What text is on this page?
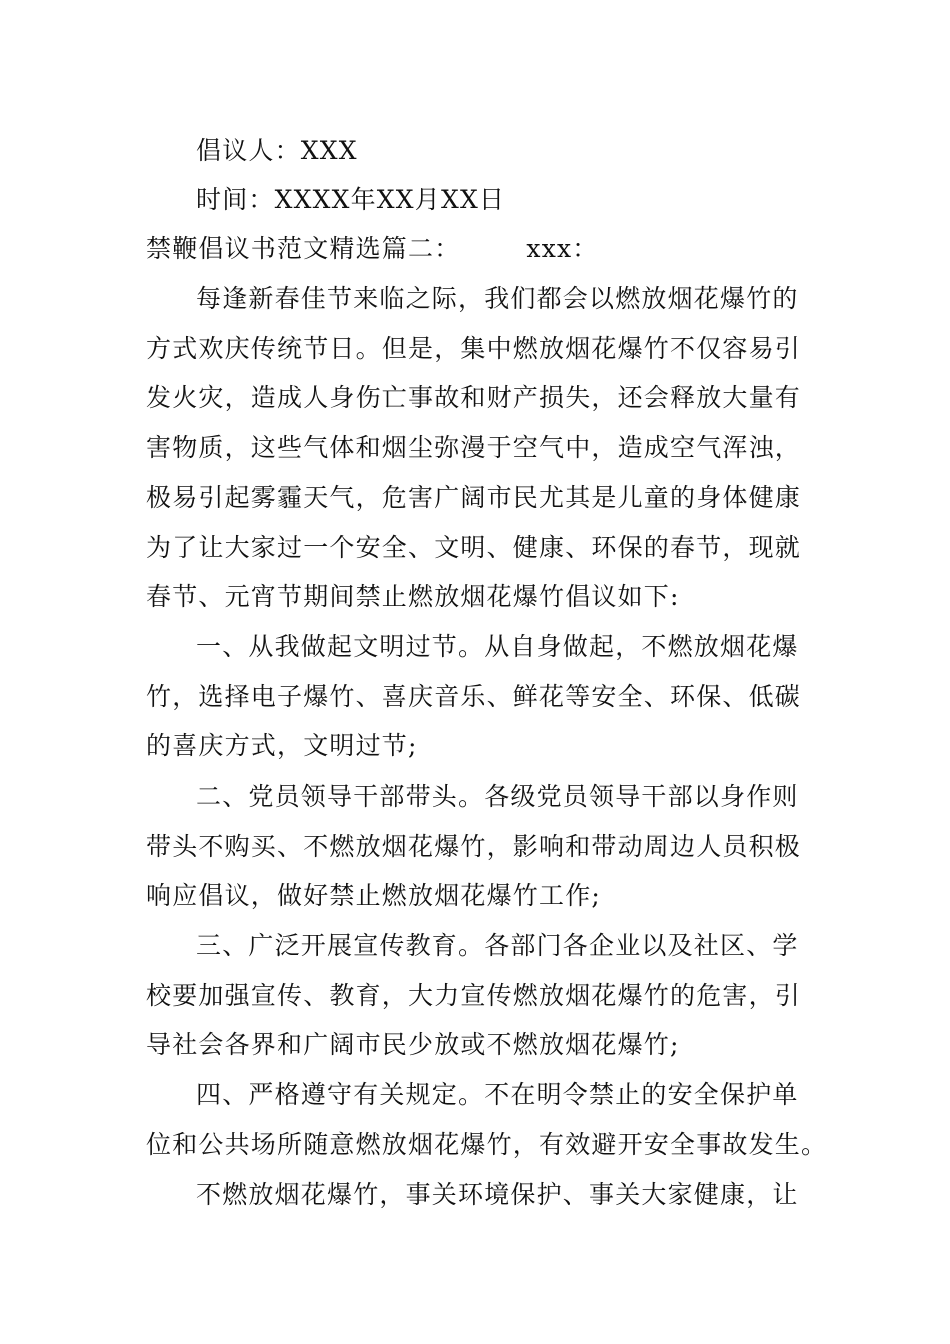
倡议人：XXX
时间：XXXX年XX月XX日
禁鞭倡议书范文精选篇二：	xxx：
每逢新春佳节来临之际，我们都会以燃放烟花爆竹的
方式欢庆传统节日。但是，集中燃放烟花爆竹不仅容易引
发火灾，造成人身伤亡事故和财产损失，还会释放大量有
害物质，这些气体和烟尘弥漫于空气中，造成空气浑浊，
极易引起雾霾天气，危害广阔市民尤其是儿童的身体健康
为了让大家过一个安全、文明、健康、环保的春节，现就
春节、元宵节期间禁止燃放烟花爆竹倡议如下:
一、从我做起文明过节。从自身做起，不燃放烟花爆
竹，选择电子爆竹、喜庆音乐、鲜花等安全、环保、低碳
的喜庆方式，文明过节;
二、党员领导干部带头。各级党员领导干部以身作则
带头不购买、不燃放烟花爆竹，影响和带动周边人员积极
响应倡议，做好禁止燃放烟花爆竹工作;
三、广泛开展宣传教育。各部门各企业以及社区、学
校要加强宣传、教育，大力宣传燃放烟花爆竹的危害，引
导社会各界和广阔市民少放或不燃放烟花爆竹;
四、严格遵守有关规定。不在明令禁止的安全保护单
位和公共场所随意燃放烟花爆竹，有效避开安全事故发生。
不燃放烟花爆竹，事关环境保护、事关大家健康，让
